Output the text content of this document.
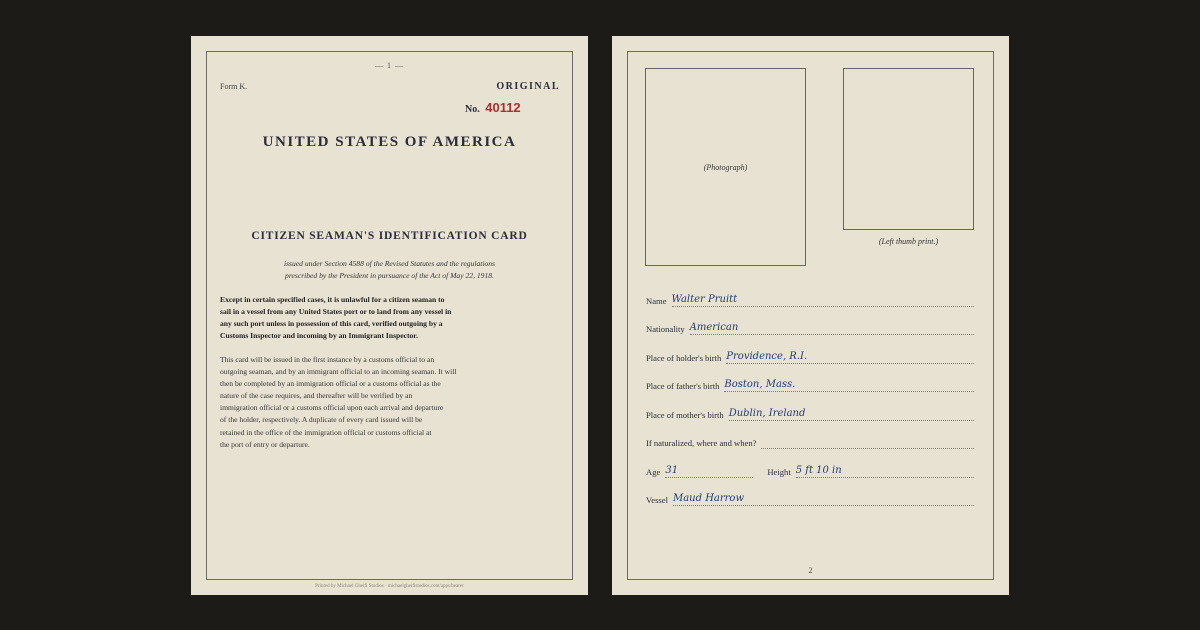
— 1 —
Form K.	ORIGINAL
No. 40112
UNITED STATES OF AMERICA
CITIZEN SEAMAN'S IDENTIFICATION CARD
issued under Section 4588 of the Revised Statutes and the regulations
prescribed by the President in pursuance of the Act of May 22, 1918.
Except in certain specified cases, it is unlawful for a citizen seaman to
sail in a vessel from any United States port or to land from any vessel in
any such port unless in possession of this card, verified outgoing by a
Customs Inspector and incoming by an Immigrant Inspector.
This card will be issued in the first instance by a customs official to an
outgoing seaman, and by an immigrant official to an incoming seaman. It will
then be completed by an immigration official or a customs official as the
nature of the case requires, and thereafter will be verified by an
immigration official or a customs official upon each arrival and departure
of the holder, respectively. A duplicate of every card issued will be
retained in the office of the immigration official or customs official at
the port of entry or departure.
Printed by Michael Gheifi Studios · michaelgheifistudios.com/apps/bearer
(Photograph)
(Left thumb print.)
Name Walter Pruitt
Nationality American
Place of holder's birth Providence, R.I.
Place of father's birth Boston, Mass.
Place of mother's birth Dublin, Ireland
If naturalized, where and when?
Age 31	Height 5 ft 10 in
Vessel Maud Harrow
2
